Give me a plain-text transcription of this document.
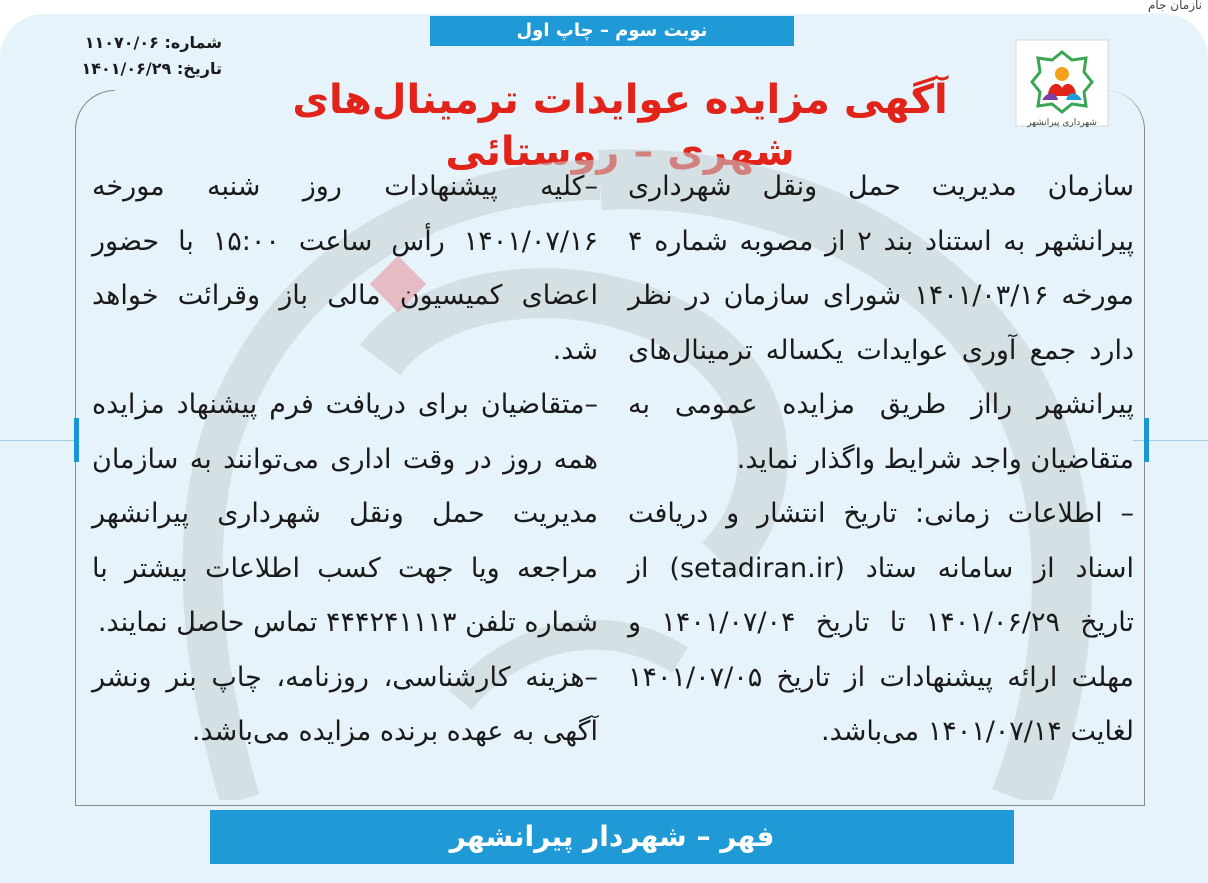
نازمان جام
نوبت سوم – چاپ اول
شماره: ۱۱۰۷۰/۰۶
تاریخ: ۱۴۰۱/۰۶/۲۹
شهرداری پیرانشهر
آگهی مزایده عوایدات ترمینال‌های شهری – روستائی

سازمان مدیریت حمل ونقل شهرداری پیرانشهر به استناد بند ۲ از مصوبه شماره ۴ مورخه ۱۴۰۱/۰۳/۱۶ شورای سازمان در نظر دارد جمع آوری عوایدات یکساله ترمینال‌های پیرانشهر رااز طریق مزایده عمومی به متقاضیان واجد شرایط واگذار نماید.

– اطلاعات زمانی: تاریخ انتشار و دریافت اسناد از سامانه ستاد (setadiran.ir) از تاریخ ۱۴۰۱/۰۶/۲۹ تا تاریخ ۱۴۰۱/۰۷/۰۴ و مهلت ارائه پیشنهادات از تاریخ ۱۴۰۱/۰۷/۰۵ لغایت ۱۴۰۱/۰۷/۱۴ می‌باشد.

–کلیه پیشنهادات روز شنبه مورخه ۱۴۰۱/۰۷/۱۶ رأس ساعت ۱۵:۰۰ با حضور اعضای کمیسیون مالی باز وقرائت خواهد شد.

–متقاضیان برای دریافت فرم پیشنهاد مزایده همه روز در وقت اداری می‌توانند به سازمان مدیریت حمل ونقل شهرداری پیرانشهر مراجعه ویا جهت کسب اطلاعات بیشتر با شماره تلفن ۴۴۴۲۴۱۱۱۳ تماس حاصل نمایند.

–هزینه کارشناسی، روزنامه، چاپ بنر ونشر آگهی به عهده برنده مزایده می‌باشد.

فهر – شهردار پیرانشهر
